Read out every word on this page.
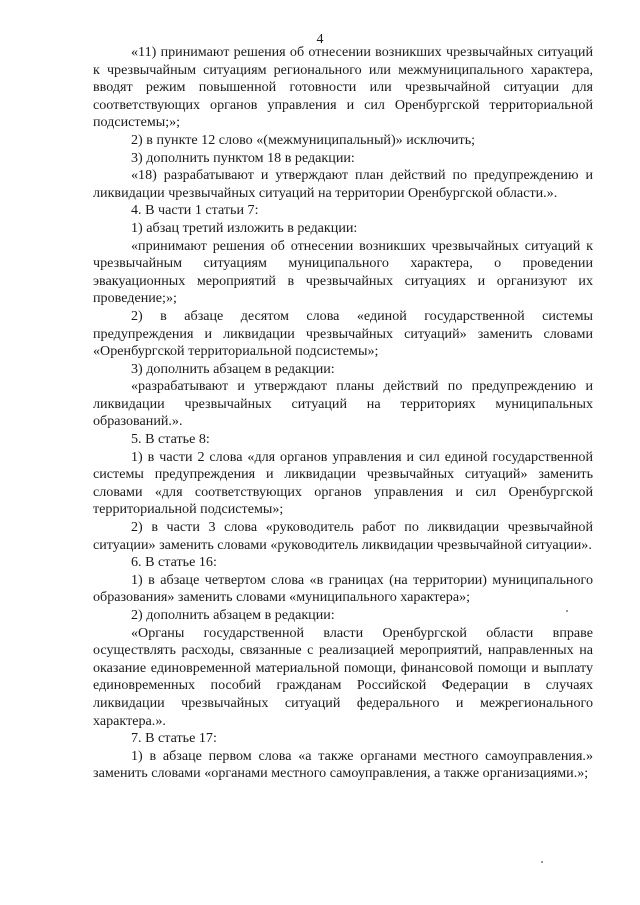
4

«11) принимают решения об отнесении возникших чрезвычайных ситуаций к чрезвычайным ситуациям регионального или межмуниципального характера, вводят режим повышенной готовности или чрезвычайной ситуации для соответствующих органов управления и сил Оренбургской территориальной подсистемы;»;

2) в пункте 12 слово «(межмуниципальный)» исключить;

3) дополнить пунктом 18 в редакции:

«18) разрабатывают и утверждают план действий по предупреждению и ликвидации чрезвычайных ситуаций на территории Оренбургской области.».

4. В части 1 статьи 7:

1) абзац третий изложить в редакции:

«принимают решения об отнесении возникших чрезвычайных ситуаций к чрезвычайным ситуациям муниципального характера, о проведении эвакуационных мероприятий в чрезвычайных ситуациях и организуют их проведение;»;

2) в абзаце десятом слова «единой государственной системы предупреждения и ликвидации чрезвычайных ситуаций» заменить словами «Оренбургской территориальной подсистемы»;

3) дополнить абзацем в редакции:

«разрабатывают и утверждают планы действий по предупреждению и ликвидации чрезвычайных ситуаций на территориях муниципальных образований.».

5. В статье 8:

1) в части 2 слова «для органов управления и сил единой государственной системы предупреждения и ликвидации чрезвычайных ситуаций» заменить словами «для соответствующих органов управления и сил Оренбургской территориальной подсистемы»;

2) в части 3 слова «руководитель работ по ликвидации чрезвычайной ситуации» заменить словами «руководитель ликвидации чрезвычайной ситуации».

6. В статье 16:

1) в абзаце четвертом слова «в границах (на территории) муниципального образования» заменить словами «муниципального характера»;

2) дополнить абзацем в редакции:

«Органы государственной власти Оренбургской области вправе осуществлять расходы, связанные с реализацией мероприятий, направленных на оказание единовременной материальной помощи, финансовой помощи и выплату единовременных пособий гражданам Российской Федерации в случаях ликвидации чрезвычайных ситуаций федерального и межрегионального характера.».

7. В статье 17:

1) в абзаце первом слова «а также органами местного самоуправления.» заменить словами «органами местного самоуправления, а также организациями.»;
